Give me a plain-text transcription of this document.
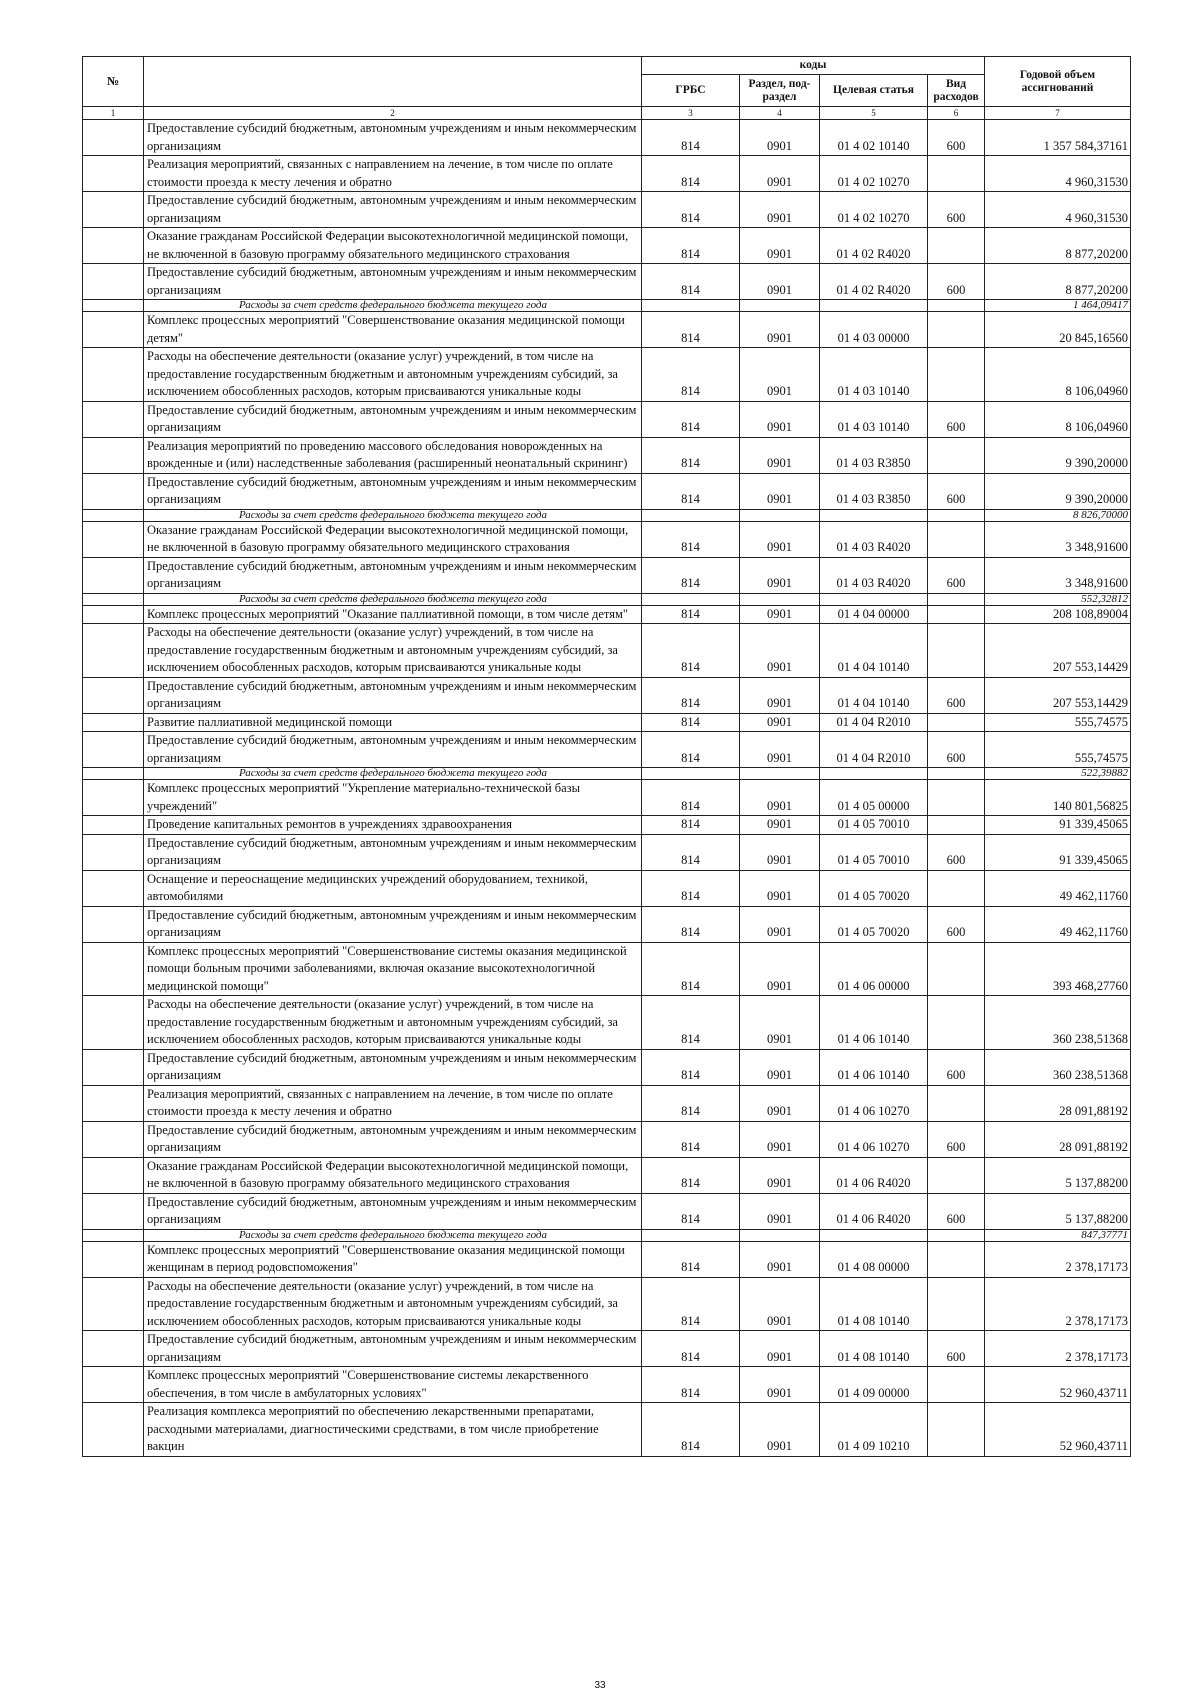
№		коды				Годовой объем ассигнований
		ГРБС	Раздел, под-раздел	Целевая статья	Вид расходов	
1	2	3	4	5	6	7
	Предоставление субсидий бюджетным, автономным учреждениям и иным некоммерческим организациям	814	0901	01 4 02 10140	600	1 357 584,37161
	Реализация мероприятий, связанных с направлением на лечение, в том числе по оплате стоимости проезда к месту лечения и обратно	814	0901	01 4 02 10270		4 960,31530
	Предоставление субсидий бюджетным, автономным учреждениям и иным некоммерческим организациям	814	0901	01 4 02 10270	600	4 960,31530
	Оказание гражданам Российской Федерации высокотехнологичной медицинской помощи, не включенной в базовую программу обязательного медицинского страхования	814	0901	01 4 02 R4020		8 877,20200
	Предоставление субсидий бюджетным, автономным учреждениям и иным некоммерческим организациям	814	0901	01 4 02 R4020	600	8 877,20200
	Расходы за счет средств федерального бюджета текущего года					1 464,09417
	Комплекс процессных мероприятий "Совершенствование оказания медицинской помощи детям"	814	0901	01 4 03 00000		20 845,16560
	Расходы на обеспечение деятельности (оказание услуг) учреждений, в том числе на предоставление государственным бюджетным и автономным учреждениям субсидий, за исключением обособленных расходов, которым присваиваются уникальные коды	814	0901	01 4 03 10140		8 106,04960
	Предоставление субсидий бюджетным, автономным учреждениям и иным некоммерческим организациям	814	0901	01 4 03 10140	600	8 106,04960
	Реализация мероприятий по проведению массового обследования новорожденных на врожденные и (или) наследственные заболевания (расширенный неонатальный скрининг)	814	0901	01 4 03 R3850		9 390,20000
	Предоставление субсидий бюджетным, автономным учреждениям и иным некоммерческим организациям	814	0901	01 4 03 R3850	600	9 390,20000
	Расходы за счет средств федерального бюджета текущего года					8 826,70000
	Оказание гражданам Российской Федерации высокотехнологичной медицинской помощи, не включенной в базовую программу обязательного медицинского страхования	814	0901	01 4 03 R4020		3 348,91600
	Предоставление субсидий бюджетным, автономным учреждениям и иным некоммерческим организациям	814	0901	01 4 03 R4020	600	3 348,91600
	Расходы за счет средств федерального бюджета текущего года					552,32812
	Комплекс процессных мероприятий "Оказание паллиативной помощи, в том числе детям"	814	0901	01 4 04 00000		208 108,89004
	Расходы на обеспечение деятельности (оказание услуг) учреждений, в том числе на предоставление государственным бюджетным и автономным учреждениям субсидий, за исключением обособленных расходов, которым присваиваются уникальные коды	814	0901	01 4 04 10140		207 553,14429
	Предоставление субсидий бюджетным, автономным учреждениям и иным некоммерческим организациям	814	0901	01 4 04 10140	600	207 553,14429
	Развитие паллиативной медицинской помощи	814	0901	01 4 04 R2010		555,74575
	Предоставление субсидий бюджетным, автономным учреждениям и иным некоммерческим организациям	814	0901	01 4 04 R2010	600	555,74575
	Расходы за счет средств федерального бюджета текущего года					522,39882
	Комплекс процессных мероприятий "Укрепление материально-технической базы учреждений"	814	0901	01 4 05 00000		140 801,56825
	Проведение капитальных ремонтов в учреждениях здравоохранения	814	0901	01 4 05 70010		91 339,45065
	Предоставление субсидий бюджетным, автономным учреждениям и иным некоммерческим организациям	814	0901	01 4 05 70010	600	91 339,45065
	Оснащение и переоснащение медицинских учреждений оборудованием, техникой, автомобилями	814	0901	01 4 05 70020		49 462,11760
	Предоставление субсидий бюджетным, автономным учреждениям и иным некоммерческим организациям	814	0901	01 4 05 70020	600	49 462,11760
	Комплекс процессных мероприятий "Совершенствование системы оказания медицинской помощи больным прочими заболеваниями, включая оказание высокотехнологичной медицинской помощи"	814	0901	01 4 06 00000		393 468,27760
	Расходы на обеспечение деятельности (оказание услуг) учреждений, в том числе на предоставление государственным бюджетным и автономным учреждениям субсидий, за исключением обособленных расходов, которым присваиваются уникальные коды	814	0901	01 4 06 10140		360 238,51368
	Предоставление субсидий бюджетным, автономным учреждениям и иным некоммерческим организациям	814	0901	01 4 06 10140	600	360 238,51368
	Реализация мероприятий, связанных с направлением на лечение, в том числе по оплате стоимости проезда к месту лечения и обратно	814	0901	01 4 06 10270		28 091,88192
	Предоставление субсидий бюджетным, автономным учреждениям и иным некоммерческим организациям	814	0901	01 4 06 10270	600	28 091,88192
	Оказание гражданам Российской Федерации высокотехнологичной медицинской помощи, не включенной в базовую программу обязательного медицинского страхования	814	0901	01 4 06 R4020		5 137,88200
	Предоставление субсидий бюджетным, автономным учреждениям и иным некоммерческим организациям	814	0901	01 4 06 R4020	600	5 137,88200
	Расходы за счет средств федерального бюджета текущего года					847,37771
	Комплекс процессных мероприятий "Совершенствование оказания медицинской помощи женщинам в период родовспоможения"	814	0901	01 4 08 00000		2 378,17173
	Расходы на обеспечение деятельности (оказание услуг) учреждений, в том числе на предоставление государственным бюджетным и автономным учреждениям субсидий, за исключением обособленных расходов, которым присваиваются уникальные коды	814	0901	01 4 08 10140		2 378,17173
	Предоставление субсидий бюджетным, автономным учреждениям и иным некоммерческим организациям	814	0901	01 4 08 10140	600	2 378,17173
	Комплекс процессных мероприятий "Совершенствование системы лекарственного обеспечения, в том числе в амбулаторных условиях"	814	0901	01 4 09 00000		52 960,43711
	Реализация комплекса мероприятий по обеспечению лекарственными препаратами, расходными материалами, диагностическими средствами, в том числе приобретение вакцин	814	0901	01 4 09 10210		52 960,43711
33
